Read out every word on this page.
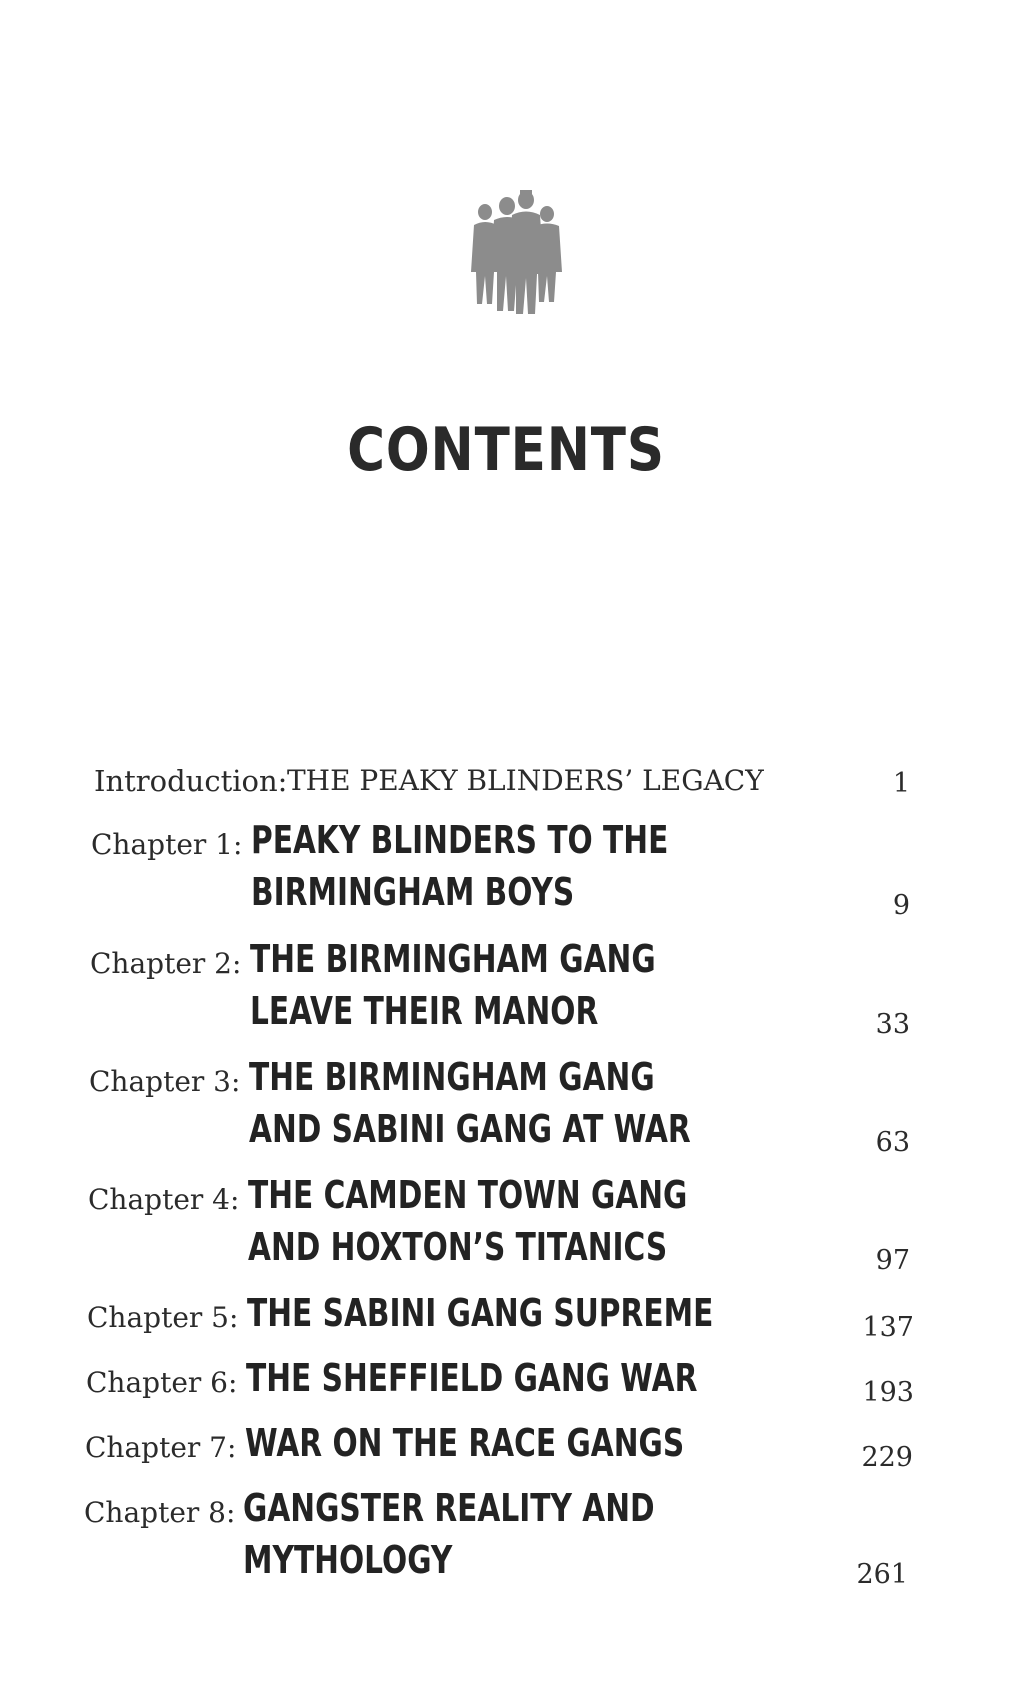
CONTENTS
Introduction: THE PEAKY BLINDERS’ LEGACY	1
Chapter 1: PEAKY BLINDERS TO THE
BIRMINGHAM BOYS	9
Chapter 2: THE BIRMINGHAM GANG
LEAVE THEIR MANOR	33
Chapter 3: THE BIRMINGHAM GANG
AND SABINI GANG AT WAR	63
Chapter 4: THE CAMDEN TOWN GANG
AND HOXTON’S TITANICS	97
Chapter 5: THE SABINI GANG SUPREME	137
Chapter 6: THE SHEFFIELD GANG WAR	193
Chapter 7: WAR ON THE RACE GANGS	229
Chapter 8: GANGSTER REALITY AND
MYTHOLOGY	261
